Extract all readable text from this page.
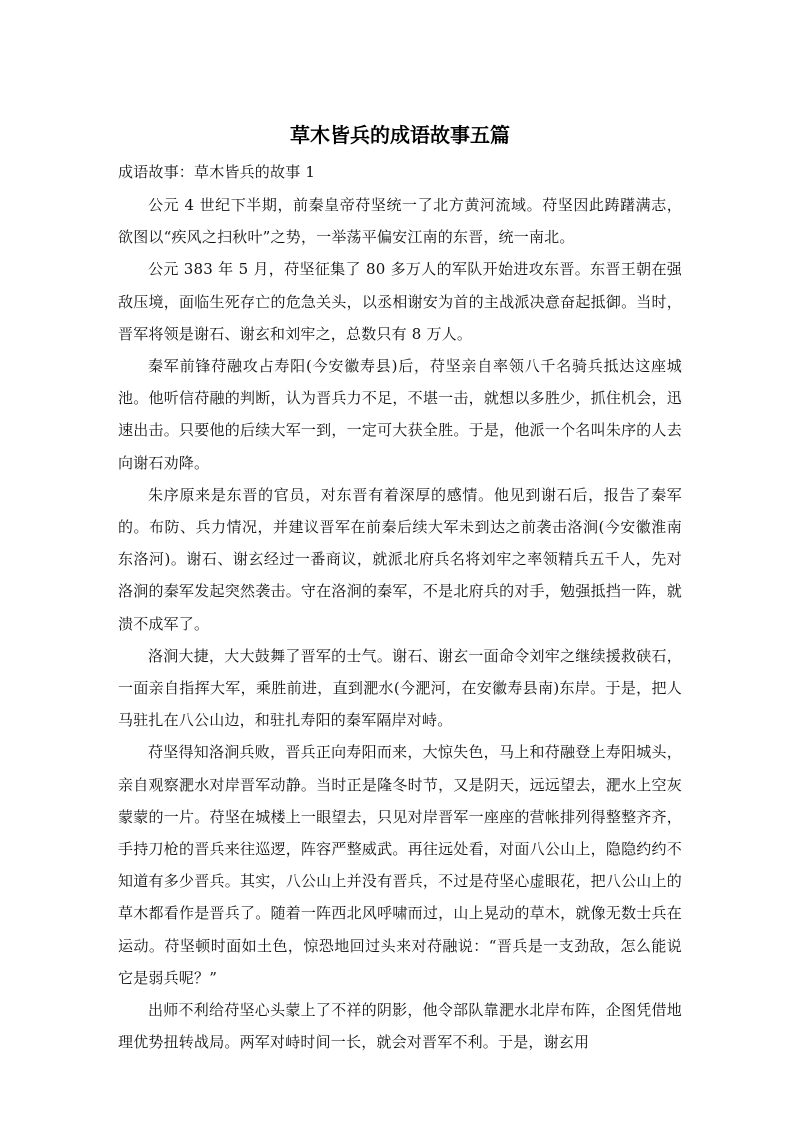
草木皆兵的成语故事五篇

成语故事：草木皆兵的故事 1

公元 4 世纪下半期，前秦皇帝苻坚统一了北方黄河流域。苻坚因此踌躇满志，欲图以“疾风之扫秋叶”之势，一举荡平偏安江南的东晋，统一南北。

公元 383 年 5 月，苻坚征集了 80 多万人的军队开始进攻东晋。东晋王朝在强敌压境，面临生死存亡的危急关头，以丞相谢安为首的主战派决意奋起抵御。当时，晋军将领是谢石、谢玄和刘牢之，总数只有 8 万人。

秦军前锋苻融攻占寿阳(今安徽寿县)后，苻坚亲自率领八千名骑兵抵达这座城池。他听信苻融的判断，认为晋兵力不足，不堪一击，就想以多胜少，抓住机会，迅速出击。只要他的后续大军一到，一定可大获全胜。于是，他派一个名叫朱序的人去向谢石劝降。

朱序原来是东晋的官员，对东晋有着深厚的感情。他见到谢石后，报告了秦军的。布防、兵力情况，并建议晋军在前秦后续大军未到达之前袭击洛涧(今安徽淮南东洛河)。谢石、谢玄经过一番商议，就派北府兵名将刘牢之率领精兵五千人，先对洛涧的秦军发起突然袭击。守在洛涧的秦军，不是北府兵的对手，勉强抵挡一阵，就溃不成军了。

洛涧大捷，大大鼓舞了晋军的士气。谢石、谢玄一面命令刘牢之继续援救硖石，一面亲自指挥大军，乘胜前进，直到淝水(今淝河，在安徽寿县南)东岸。于是，把人马驻扎在八公山边，和驻扎寿阳的秦军隔岸对峙。

苻坚得知洛涧兵败，晋兵正向寿阳而来，大惊失色，马上和苻融登上寿阳城头，亲自观察淝水对岸晋军动静。当时正是隆冬时节，又是阴天，远远望去，淝水上空灰蒙蒙的一片。苻坚在城楼上一眼望去，只见对岸晋军一座座的营帐排列得整整齐齐，手持刀枪的晋兵来往巡逻，阵容严整威武。再往远处看，对面八公山上，隐隐约约不知道有多少晋兵。其实，八公山上并没有晋兵，不过是苻坚心虚眼花，把八公山上的草木都看作是晋兵了。随着一阵西北风呼啸而过，山上晃动的草木，就像无数士兵在运动。苻坚顿时面如土色，惊恐地回过头来对苻融说：“晋兵是一支劲敌，怎么能说它是弱兵呢？”

出师不利给苻坚心头蒙上了不祥的阴影，他令部队靠淝水北岸布阵，企图凭借地理优势扭转战局。两军对峙时间一长，就会对晋军不利。于是，谢玄用
